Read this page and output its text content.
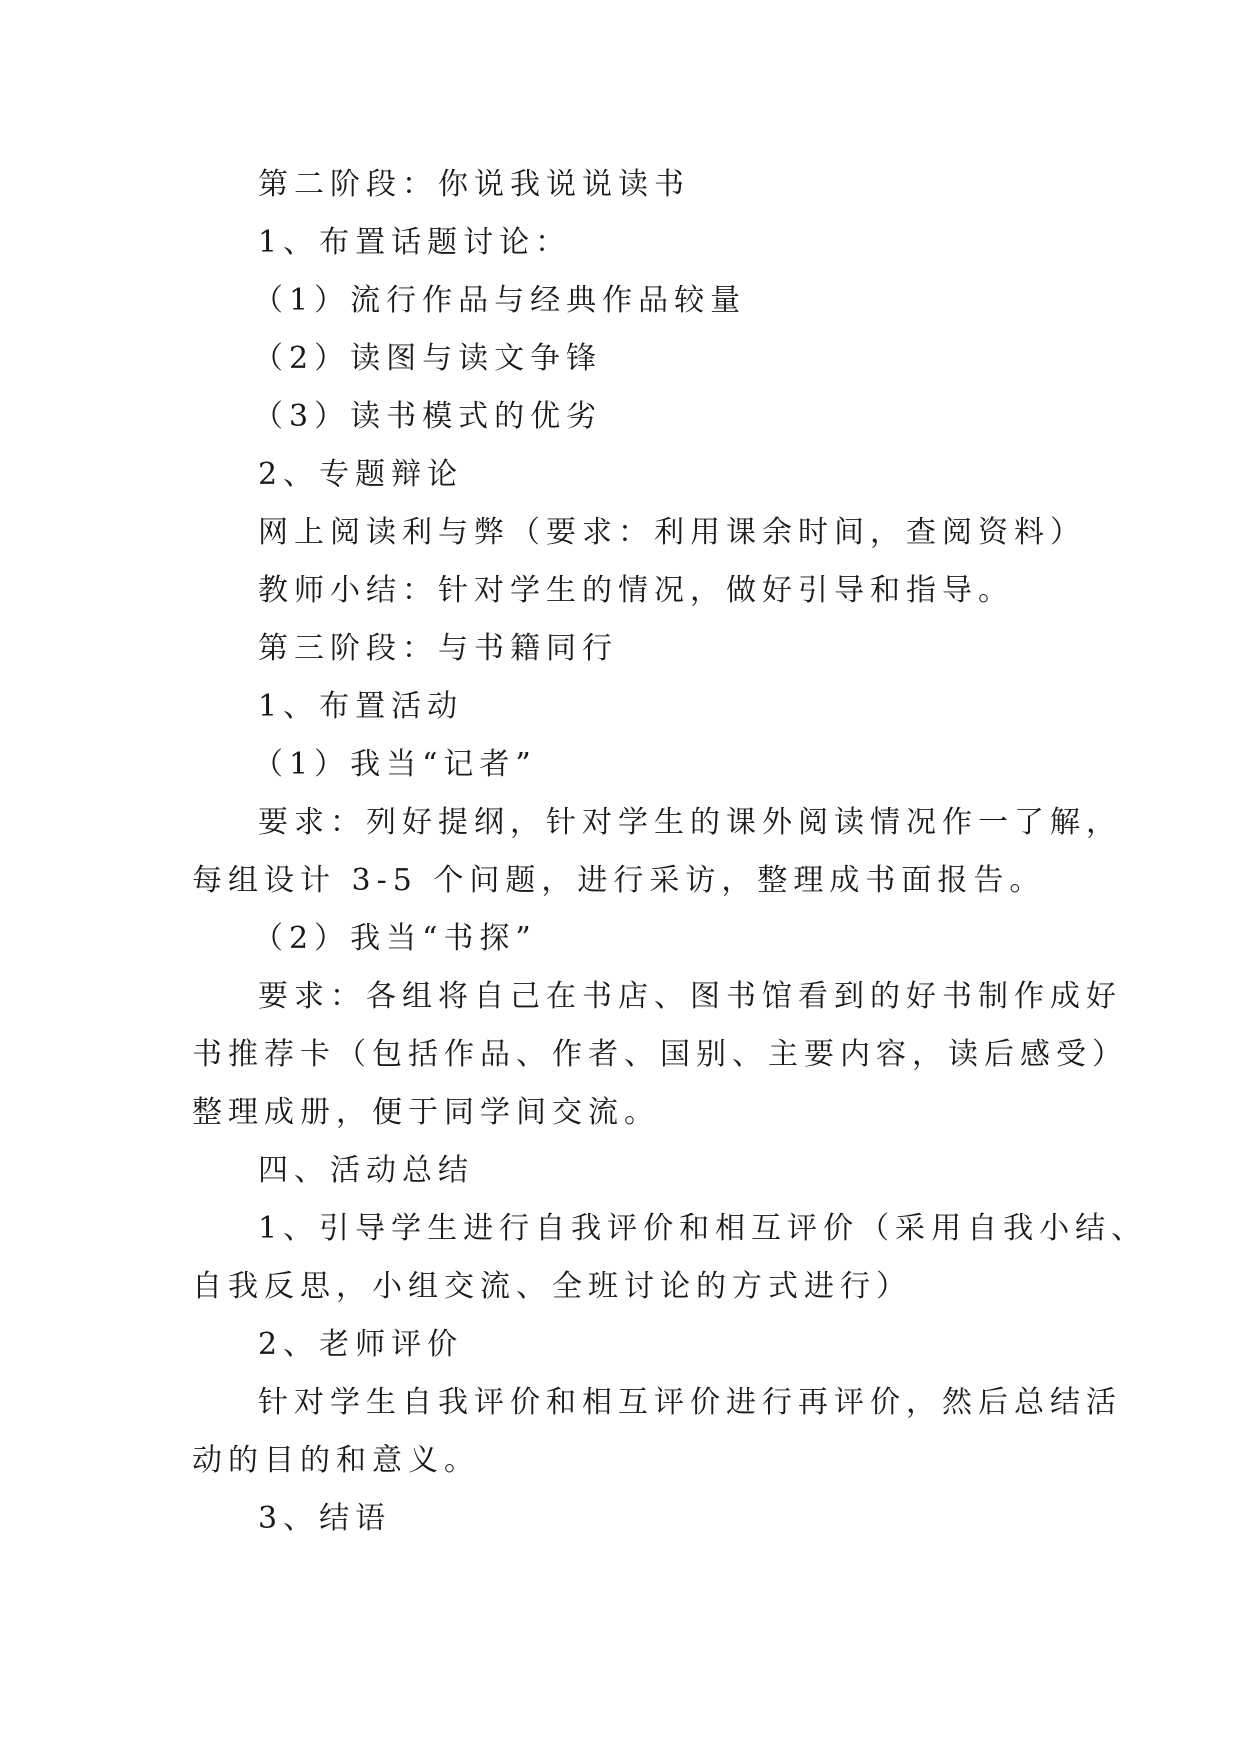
第二阶段：你说我说说读书
1、布置话题讨论：
（1）流行作品与经典作品较量
（2）读图与读文争锋
（3）读书模式的优劣
2、专题辩论
网上阅读利与弊（要求：利用课余时间，查阅资料）
教师小结：针对学生的情况，做好引导和指导。
第三阶段：与书籍同行
1、布置活动
（1）我当“记者”
要求：列好提纲，针对学生的课外阅读情况作一了解，
每组设计 3-5 个问题，进行采访，整理成书面报告。
（2）我当“书探”
要求：各组将自己在书店、图书馆看到的好书制作成好
书推荐卡（包括作品、作者、国别、主要内容，读后感受）
整理成册，便于同学间交流。
四、活动总结
1、引导学生进行自我评价和相互评价（采用自我小结、
自我反思，小组交流、全班讨论的方式进行）
2、老师评价
针对学生自我评价和相互评价进行再评价，然后总结活
动的目的和意义。
3、结语
